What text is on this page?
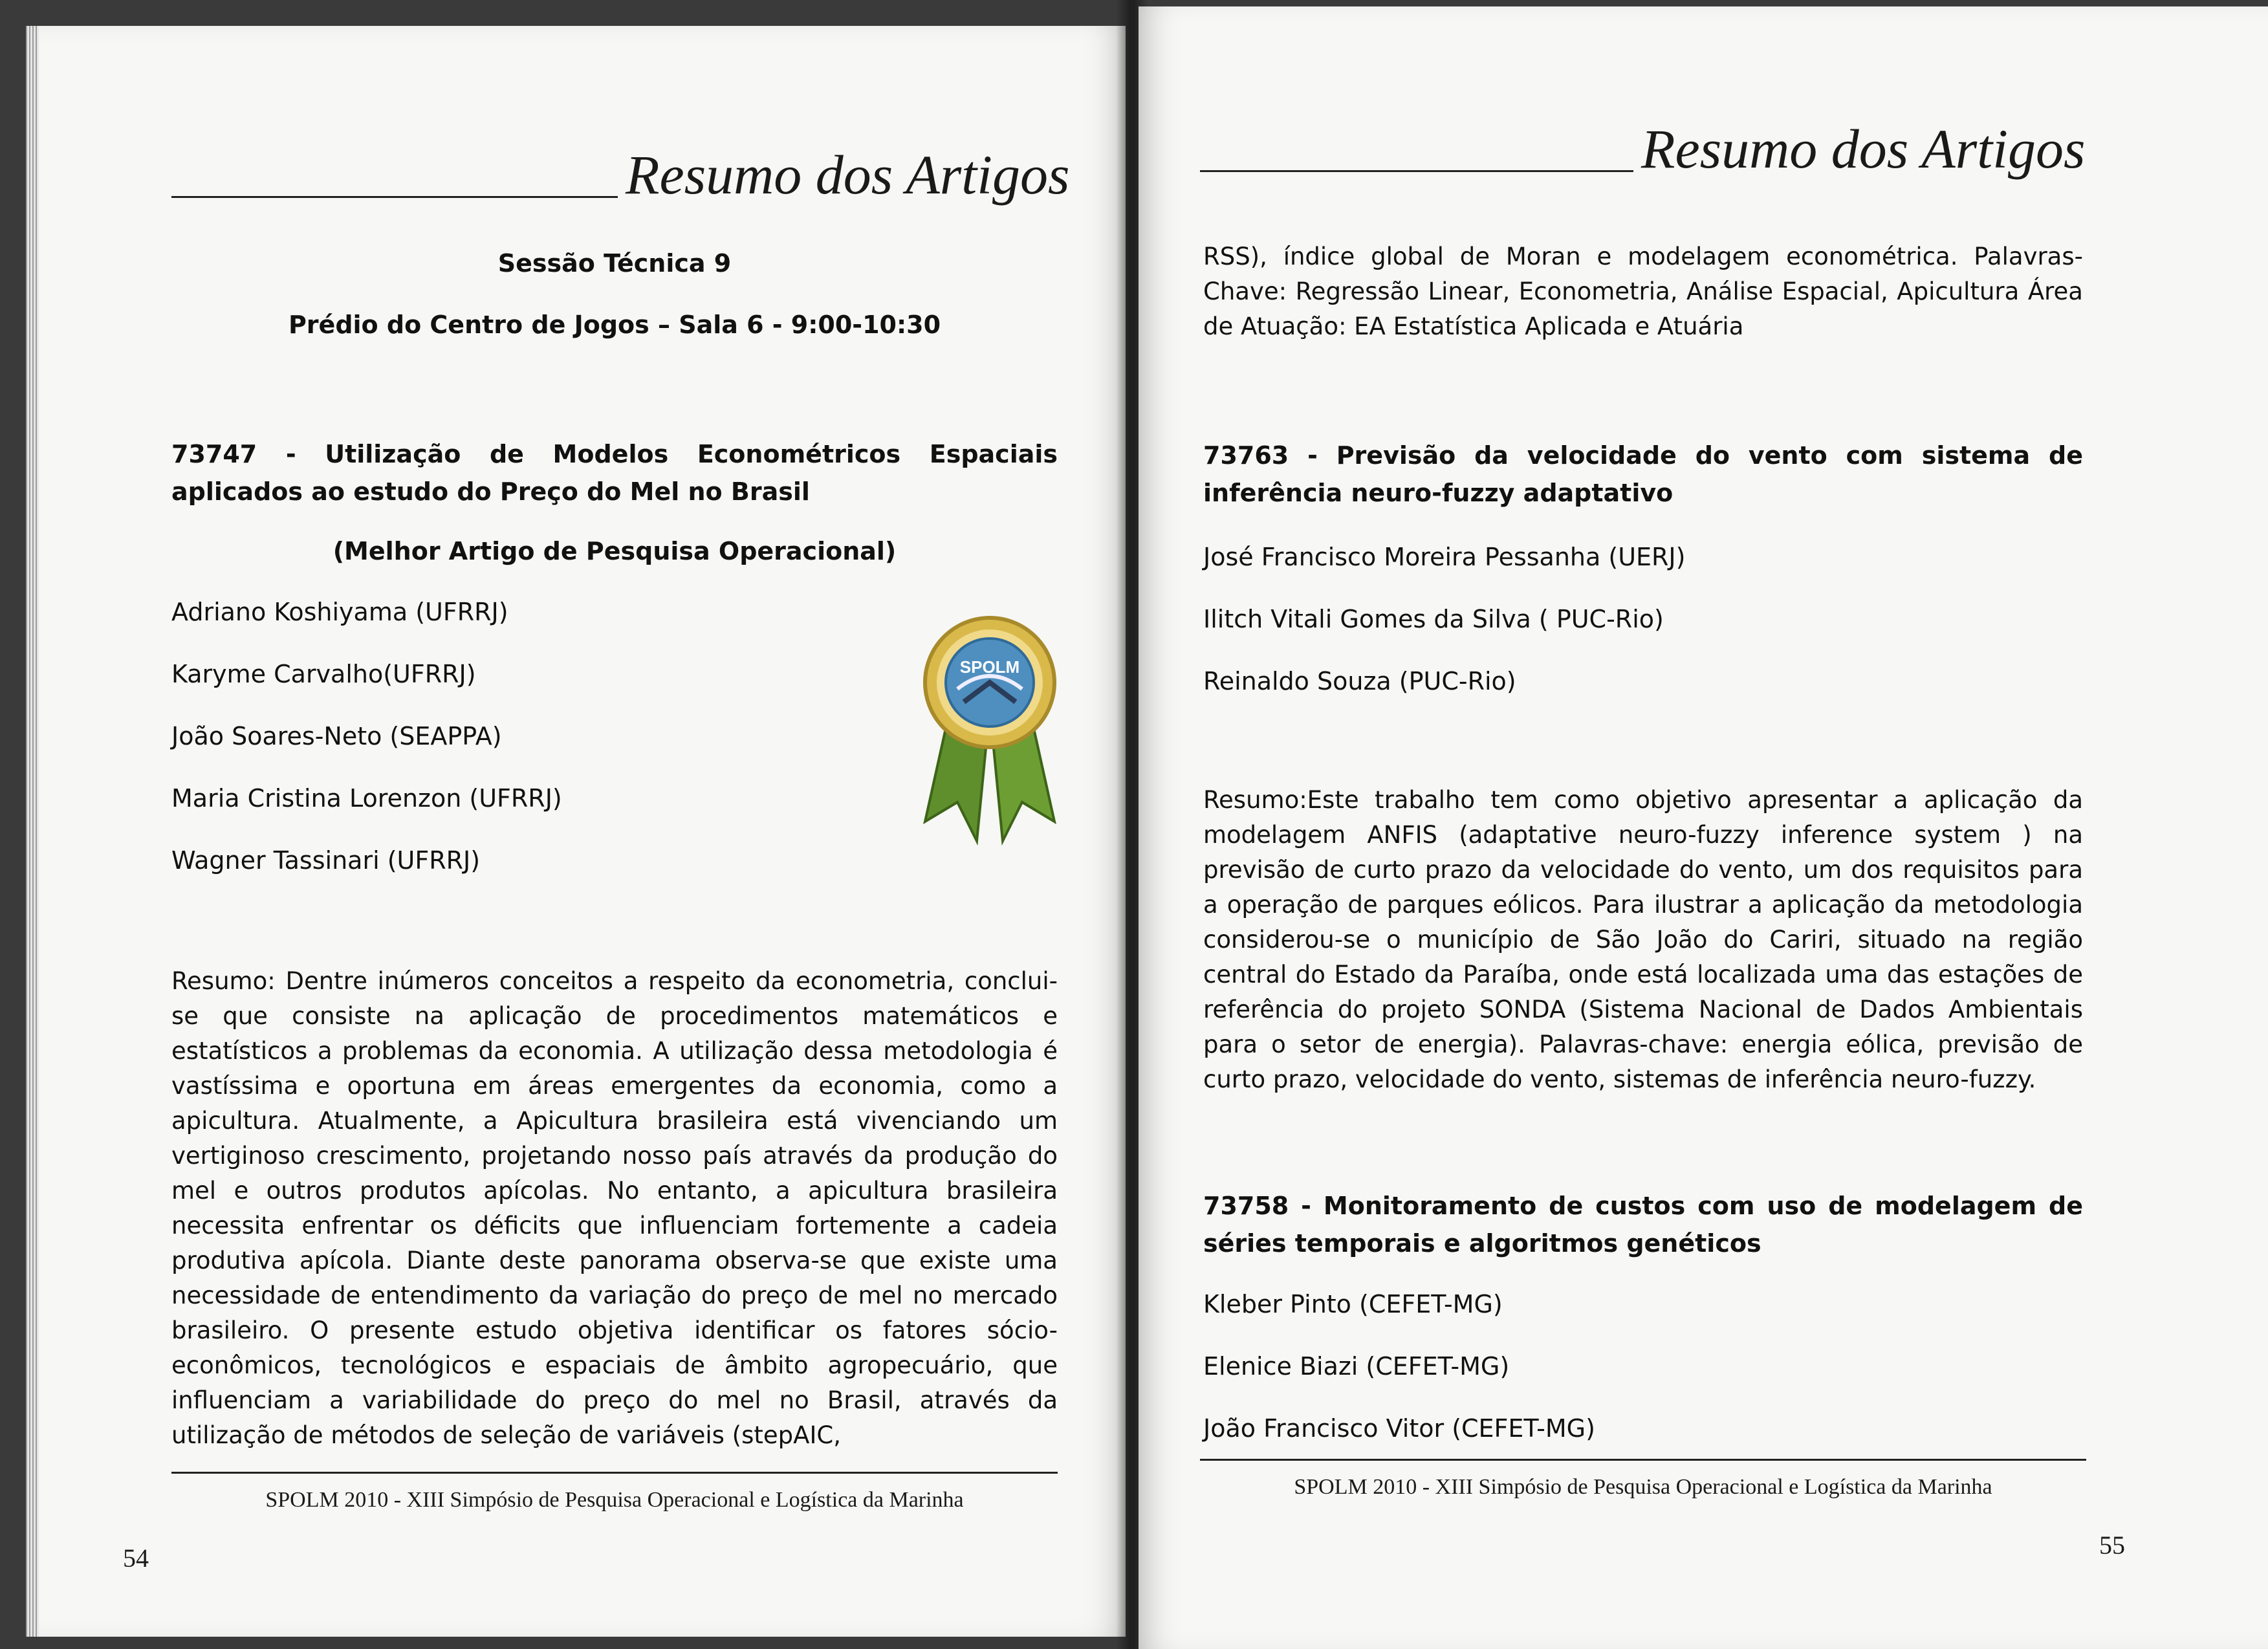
Resumo dos Artigos
Sessão Técnica 9
Prédio do Centro de Jogos – Sala 6 - 9:00-10:30
73747 - Utilização de Modelos Econométricos Espaciais aplicados ao estudo do Preço do Mel no Brasil
(Melhor Artigo de Pesquisa Operacional)
Adriano Koshiyama (UFRRJ)
Karyme Carvalho(UFRRJ)
João Soares-Neto (SEAPPA)
Maria Cristina Lorenzon (UFRRJ)
Wagner Tassinari (UFRRJ)
SPOLM
Resumo: Dentre inúmeros conceitos a respeito da econometria, conclui-se que consiste na aplicação de procedimentos matemáticos e estatísticos a problemas da economia. A utilização dessa metodologia é vastíssima e oportuna em áreas emergentes da economia, como a apicultura. Atualmente, a Apicultura brasileira está vivenciando um vertiginoso crescimento, projetando nosso país através da produção do mel e outros produtos apícolas. No entanto, a apicultura brasileira necessita enfrentar os déficits que influenciam fortemente a cadeia produtiva apícola. Diante deste panorama observa-se que existe uma necessidade de entendimento da variação do preço de mel no mercado brasileiro. O presente estudo objetiva identificar os fatores sócio-econômicos, tecnológicos e espaciais de âmbito agropecuário, que influenciam a variabilidade do preço do mel no Brasil, através da utilização de métodos de seleção de variáveis (stepAIC,
SPOLM 2010 - XIII Simpósio de Pesquisa Operacional e Logística da Marinha
54
Resumo dos Artigos
RSS), índice global de Moran e modelagem econométrica. Palavras-Chave: Regressão Linear, Econometria, Análise Espacial, Apicultura Área de Atuação: EA Estatística Aplicada e Atuária
73763 - Previsão da velocidade do vento com sistema de inferência neuro-fuzzy adaptativo
José Francisco Moreira Pessanha (UERJ)
Ilitch Vitali Gomes da Silva ( PUC-Rio)
Reinaldo Souza (PUC-Rio)
Resumo:Este trabalho tem como objetivo apresentar a aplicação da modelagem ANFIS (adaptative neuro-fuzzy inference system ) na previsão de curto prazo da velocidade do vento, um dos requisitos para a operação de parques eólicos. Para ilustrar a aplicação da metodologia considerou-se o município de São João do Cariri, situado na região central do Estado da Paraíba, onde está localizada uma das estações de referência do projeto SONDA (Sistema Nacional de Dados Ambientais para o setor de energia). Palavras-chave: energia eólica, previsão de curto prazo, velocidade do vento, sistemas de inferência neuro-fuzzy.
73758 - Monitoramento de custos com uso de modelagem de séries temporais e algoritmos genéticos
Kleber Pinto (CEFET-MG)
Elenice Biazi (CEFET-MG)
João Francisco Vitor (CEFET-MG)
SPOLM 2010 - XIII Simpósio de Pesquisa Operacional e Logística da Marinha
55
